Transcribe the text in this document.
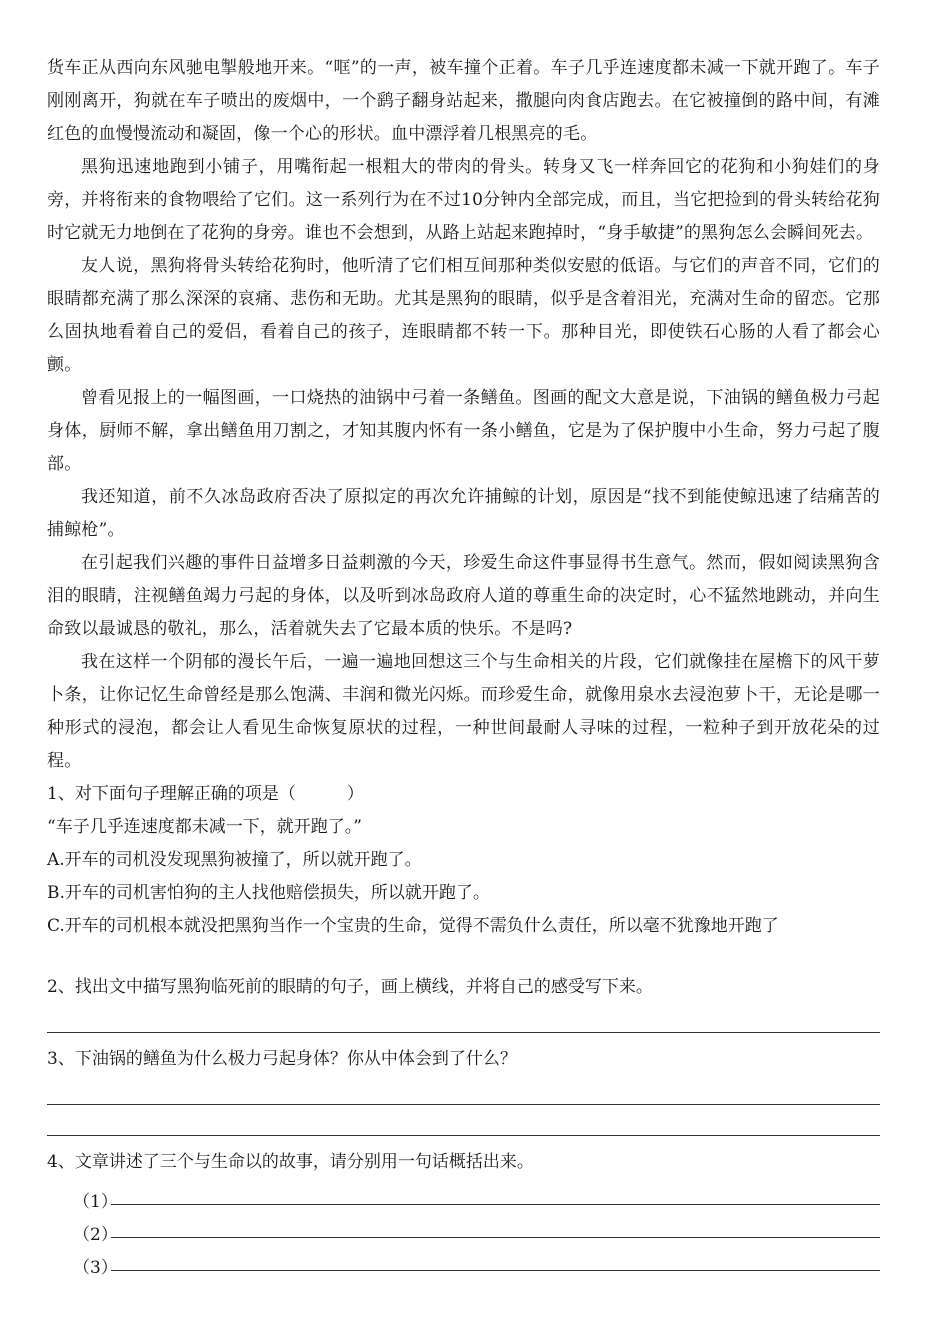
货车正从西向东风驰电掣般地开来。“哐”的一声，被车撞个正着。车子几乎连速度都未减一下就开跑了。车子刚刚离开，狗就在车子喷出的废烟中，一个鹞子翻身站起来，撒腿向肉食店跑去。在它被撞倒的路中间，有滩红色的血慢慢流动和凝固，像一个心的形状。血中漂浮着几根黑亮的毛。

黑狗迅速地跑到小铺子，用嘴衔起一根粗大的带肉的骨头。转身又飞一样奔回它的花狗和小狗娃们的身旁，并将衔来的食物喂给了它们。这一系列行为在不过10分钟内全部完成，而且，当它把捡到的骨头转给花狗时它就无力地倒在了花狗的身旁。谁也不会想到，从路上站起来跑掉时，“身手敏捷”的黑狗怎么会瞬间死去。

友人说，黑狗将骨头转给花狗时，他听清了它们相互间那种类似安慰的低语。与它们的声音不同，它们的眼睛都充满了那么深深的哀痛、悲伤和无助。尤其是黑狗的眼睛，似乎是含着泪光，充满对生命的留恋。它那么固执地看着自己的爱侣，看着自己的孩子，连眼睛都不转一下。那种目光，即使铁石心肠的人看了都会心颤。

曾看见报上的一幅图画，一口烧热的油锅中弓着一条鳝鱼。图画的配文大意是说，下油锅的鳝鱼极力弓起身体，厨师不解，拿出鳝鱼用刀割之，才知其腹内怀有一条小鳝鱼，它是为了保护腹中小生命，努力弓起了腹部。

我还知道，前不久冰岛政府否决了原拟定的再次允许捕鲸的计划，原因是“找不到能使鲸迅速了结痛苦的捕鲸枪”。

在引起我们兴趣的事件日益增多日益刺激的今天，珍爱生命这件事显得书生意气。然而，假如阅读黑狗含泪的眼睛，注视鳝鱼竭力弓起的身体，以及听到冰岛政府人道的尊重生命的决定时，心不猛然地跳动，并向生命致以最诚恳的敬礼，那么，活着就失去了它最本质的快乐。不是吗?

我在这样一个阴郁的漫长午后，一遍一遍地回想这三个与生命相关的片段，它们就像挂在屋檐下的风干萝卜条，让你记忆生命曾经是那么饱满、丰润和微光闪烁。而珍爱生命，就像用泉水去浸泡萝卜干，无论是哪一种形式的浸泡，都会让人看见生命恢复原状的过程，一种世间最耐人寻味的过程，一粒种子到开放花朵的过程。

1、对下面句子理解正确的项是（　　　）

“车子几乎连速度都未减一下，就开跑了。”

A.开车的司机没发现黑狗被撞了，所以就开跑了。

B.开车的司机害怕狗的主人找他赔偿损失，所以就开跑了。

C.开车的司机根本就没把黑狗当作一个宝贵的生命，觉得不需负什么责任，所以毫不犹豫地开跑了

2、找出文中描写黑狗临死前的眼睛的句子，画上横线，并将自己的感受写下来。

3、下油锅的鳝鱼为什么极力弓起身体？你从中体会到了什么？

4、文章讲述了三个与生命以的故事，请分别用一句话概括出来。

（1）
（2）
（3）
